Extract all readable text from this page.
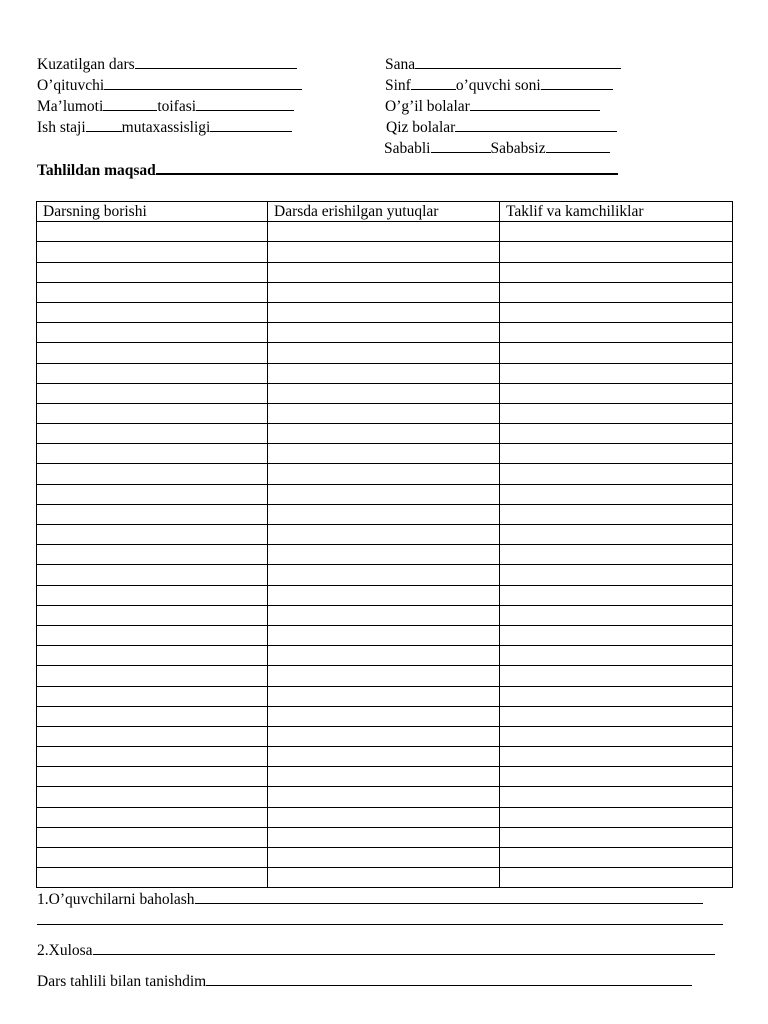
Kuzatilgan dars
O’qituvchi
Ma’lumoti	toifasi
Ish staji mutaxassisligi
Sana
Sinf	o’quvchi soni
O’g’il bolalar
Qiz bolalar
Sababli	Sababsiz
Tahlildan maqsad
Darsning borishi	Darsda erishilgan yutuqlar	Taklif va kamchiliklar

1.O’quvchilarni baholash
2.Xulosa
Dars tahlili bilan tanishdim
